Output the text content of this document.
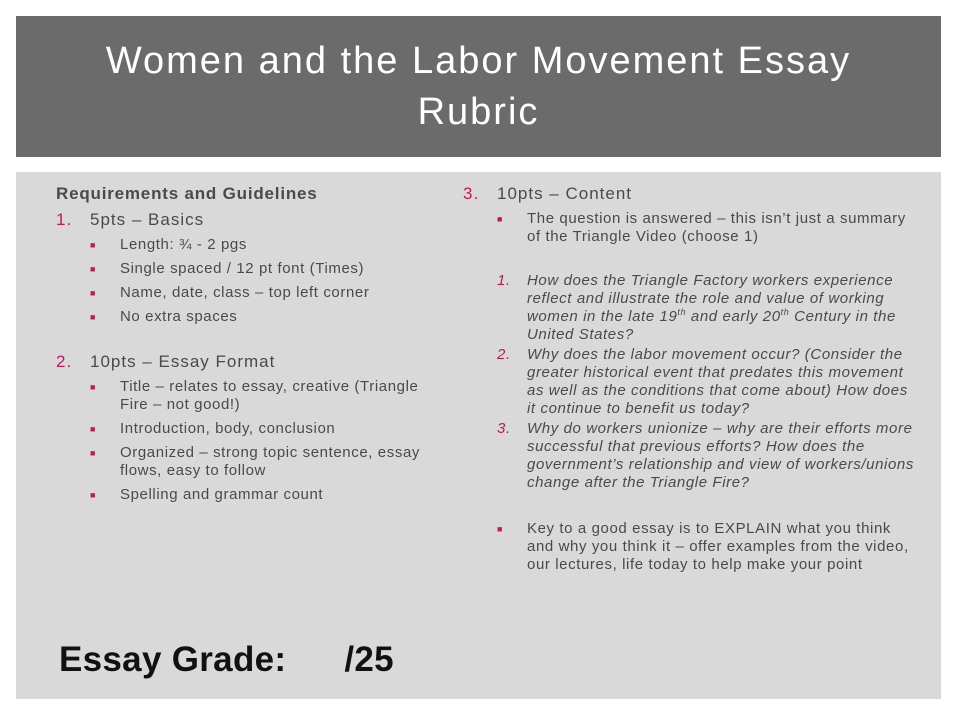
Women and the Labor Movement Essay Rubric
Requirements and Guidelines
1.	5pts – Basics
■	Length: ¾ - 2 pgs
■	Single spaced / 12 pt font (Times)
■	Name, date, class – top left corner
■	No extra spaces
2.	10pts – Essay Format
■	Title – relates to essay, creative (Triangle Fire – not good!)
■	Introduction, body, conclusion
■	Organized – strong topic sentence, essay flows, easy to follow
■	Spelling and grammar count
3.	10pts – Content
■	The question is answered – this isn’t just a summary of the Triangle Video (choose 1)
1.	How does the Triangle Factory workers experience reflect and illustrate the role and value of working women in the late 19th and early 20th Century in the United States?
2.	Why does the labor movement occur? (Consider the greater historical event that predates this movement as well as the conditions that come about) How does it continue to benefit us today?
3.	Why do workers unionize – why are their efforts more successful that previous efforts? How does the government’s relationship and view of workers/unions change after the Triangle Fire?
■	Key to a good essay is to EXPLAIN what you think and why you think it – offer examples from the video, our lectures, life today to help make your point
Essay Grade: /25
